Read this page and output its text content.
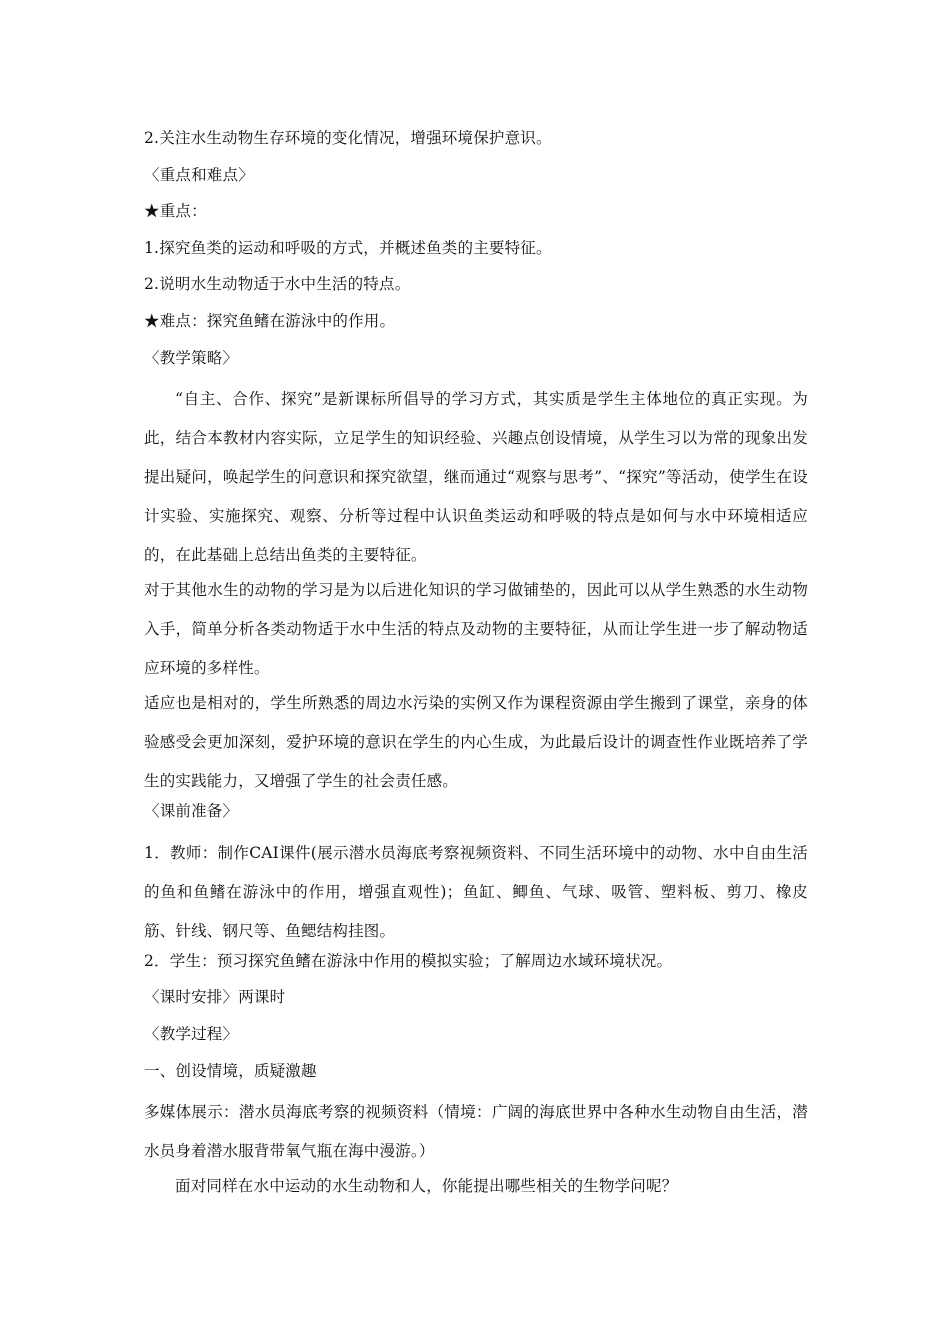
2.关注水生动物生存环境的变化情况，增强环境保护意识。
〈重点和难点〉
★重点：
1.探究鱼类的运动和呼吸的方式，并概述鱼类的主要特征。
2.说明水生动物适于水中生活的特点。
★难点：探究鱼鳍在游泳中的作用。
〈教学策略〉
“自主、合作、探究”是新课标所倡导的学习方式，其实质是学生主体地位的真正实现。为此，结合本教材内容实际，立足学生的知识经验、兴趣点创设情境，从学生习以为常的现象出发提出疑问，唤起学生的问意识和探究欲望，继而通过“观察与思考”、“探究”等活动，使学生在设计实验、实施探究、观察、分析等过程中认识鱼类运动和呼吸的特点是如何与水中环境相适应的，在此基础上总结出鱼类的主要特征。
对于其他水生的动物的学习是为以后进化知识的学习做铺垫的，因此可以从学生熟悉的水生动物入手，简单分析各类动物适于水中生活的特点及动物的主要特征，从而让学生进一步了解动物适应环境的多样性。
适应也是相对的，学生所熟悉的周边水污染的实例又作为课程资源由学生搬到了课堂，亲身的体验感受会更加深刻，爱护环境的意识在学生的内心生成，为此最后设计的调查性作业既培养了学生的实践能力，又增强了学生的社会责任感。
〈课前准备〉
1．教师：制作CAI课件(展示潜水员海底考察视频资料、不同生活环境中的动物、水中自由生活的鱼和鱼鳍在游泳中的作用，增强直观性)；鱼缸、鲫鱼、气球、吸管、塑料板、剪刀、橡皮筋、针线、钢尺等、鱼鳃结构挂图。
2．学生：预习探究鱼鳍在游泳中作用的模拟实验；了解周边水域环境状况。
〈课时安排〉两课时
〈教学过程〉
一、创设情境，质疑激趣
多媒体展示：潜水员海底考察的视频资料（情境：广阔的海底世界中各种水生动物自由生活，潜水员身着潜水服背带氧气瓶在海中漫游。）
面对同样在水中运动的水生动物和人，你能提出哪些相关的生物学问呢？
